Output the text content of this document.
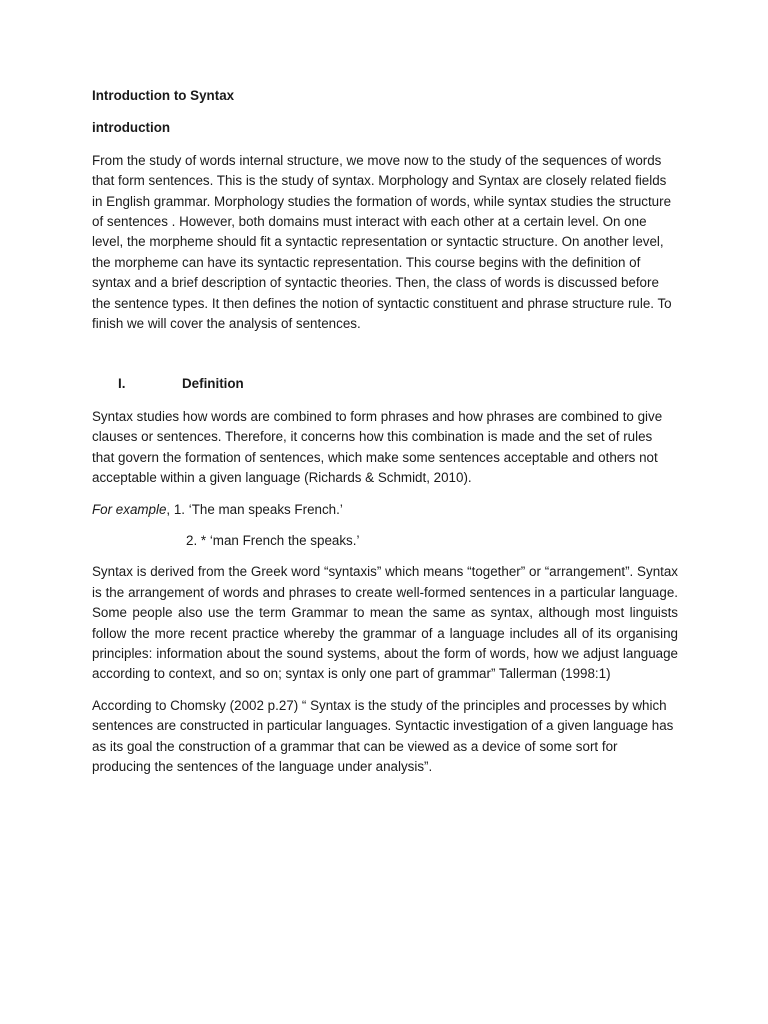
Introduction to Syntax

introduction

From the study of words internal structure, we move now to the study of the sequences of words that form sentences. This is the study of syntax. Morphology and Syntax are closely related fields in English grammar. Morphology studies the formation of words, while syntax studies the structure of sentences . However, both domains must interact with each other at a certain level. On one level, the morpheme should fit a syntactic representation or syntactic structure. On another level, the morpheme can have its syntactic representation. This course begins with the definition of syntax and a brief description of syntactic theories. Then, the class of words is discussed before the sentence types. It then defines the notion of syntactic constituent and phrase structure rule. To finish we will cover the analysis of sentences.

I.	Definition

Syntax studies how words are combined to form phrases and how phrases are combined to give clauses or sentences. Therefore, it concerns how this combination is made and the set of rules that govern the formation of sentences, which make some sentences acceptable and others not acceptable within a given language (Richards & Schmidt, 2010).

For example, 1. ‘The man speaks French.’

2. * ‘man French the speaks.’

Syntax is derived from the Greek word “syntaxis” which means “together” or “arrangement”. Syntax is the arrangement of words and phrases to create well-formed sentences in a particular language. Some people also use the term Grammar to mean the same as syntax, although most linguists follow the more recent practice whereby the grammar of a language includes all of its organising principles: information about the sound systems, about the form of words, how we adjust language according to context, and so on; syntax is only one part of grammar” Tallerman (1998:1)

According to Chomsky (2002 p.27) “ Syntax is the study of the principles and processes by which sentences are constructed in particular languages. Syntactic investigation of a given language has as its goal the construction of a grammar that can be viewed as a device of some sort for producing the sentences of the language under analysis”.
